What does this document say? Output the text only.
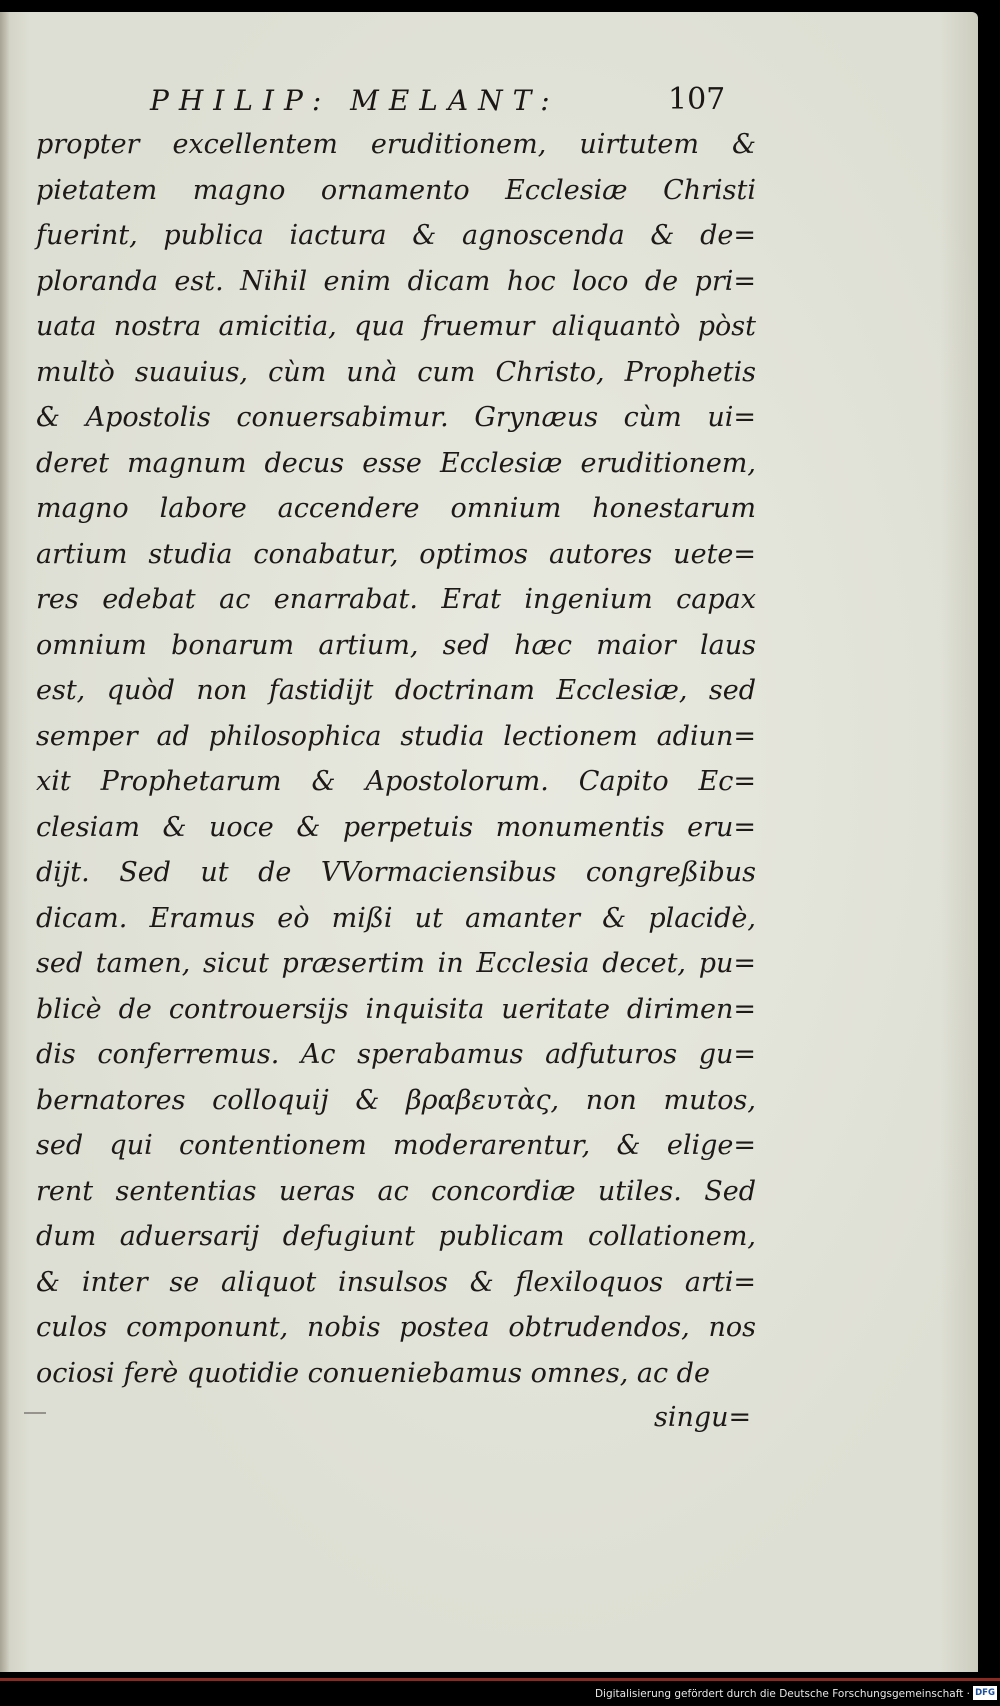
PHILIP: MELANT:	107
propter excellentem eruditionem, uirtutem &
pietatem magno ornamento Ecclesiæ Christi
fuerint, publica iactura & agnoscenda & de=
ploranda est. Nihil enim dicam hoc loco de pri=
uata nostra amicitia, qua fruemur aliquantò pòst
multò suauius, cùm unà cum Christo, Prophetis
& Apostolis conuersabimur. Grynæus cùm ui=
deret magnum decus esse Ecclesiæ eruditionem,
magno labore accendere omnium honestarum
artium studia conabatur, optimos autores uete=
res edebat ac enarrabat. Erat ingenium capax
omnium bonarum artium, sed hæc maior laus
est, quòd non fastidijt doctrinam Ecclesiæ, sed
semper ad philosophica studia lectionem adiun=
xit Prophetarum & Apostolorum. Capito Ec=
clesiam & uoce & perpetuis monumentis eru=
dijt. Sed ut de VVormaciensibus congreßibus
dicam. Eramus eò mißi ut amanter & placidè,
sed tamen, sicut præsertim in Ecclesia decet, pu=
blicè de controuersijs inquisita ueritate dirimen=
dis conferremus. Ac sperabamus adfuturos gu=
bernatores colloquij & βραβευτὰς, non mutos,
sed qui contentionem moderarentur, & elige=
rent sententias ueras ac concordiæ utiles. Sed
dum aduersarij defugiunt publicam collationem,
& inter se aliquot insulsos & flexiloquos arti=
culos componunt, nobis postea obtrudendos, nos
ociosi ferè quotidie conueniebamus omnes, ac de
singu=
Digitalisierung gefördert durch die Deutsche Forschungsgemeinschaft · DFG
